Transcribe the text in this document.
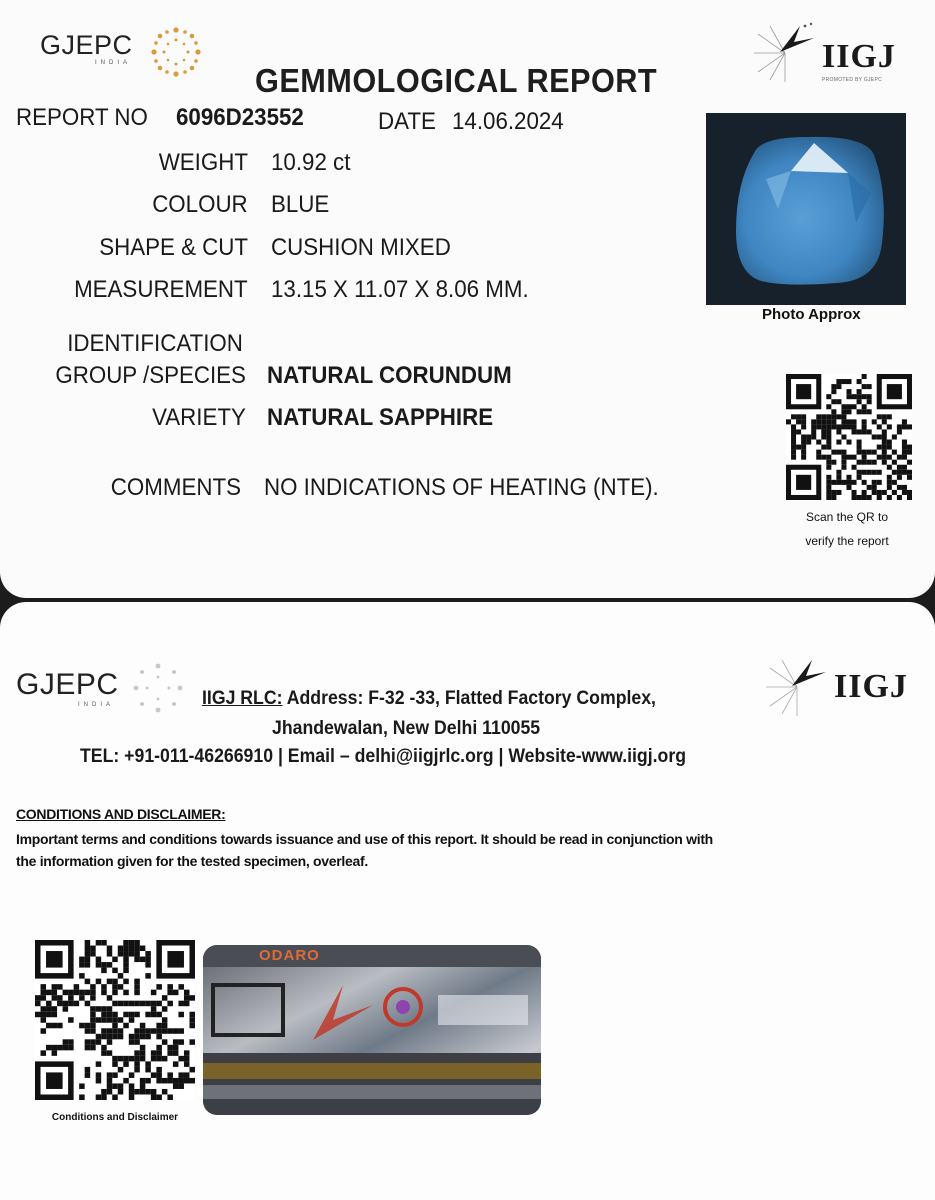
GJEPC
INDIA	IIGJ
PROMOTED BY GJEPC
GEMMOLOGICAL REPORT
REPORT NO 6096D23552	DATE 14.06.2024
WEIGHT 10.92 ct
COLOUR BLUE
SHAPE & CUT CUSHION MIXED
MEASUREMENT 13.15 X 11.07 X 8.06 MM.
IDENTIFICATION
GROUP /SPECIES NATURAL CORUNDUM
VARIETY NATURAL SAPPHIRE
COMMENTS NO INDICATIONS OF HEATING (NTE).
Photo Approx
Scan the QR to
verify the report
GJEPC
INDIA	IIGJ
IIGJ RLC: Address: F-32 -33, Flatted Factory Complex,
Jhandewalan, New Delhi 110055
TEL: +91-011-46266910 | Email – delhi@iigjrlc.org | Website-www.iigj.org
CONDITIONS AND DISCLAIMER:
Important terms and conditions towards issuance and use of this report. It should be read in conjunction with
the information given for the tested specimen, overleaf.
Conditions and Disclaimer
ODARO
